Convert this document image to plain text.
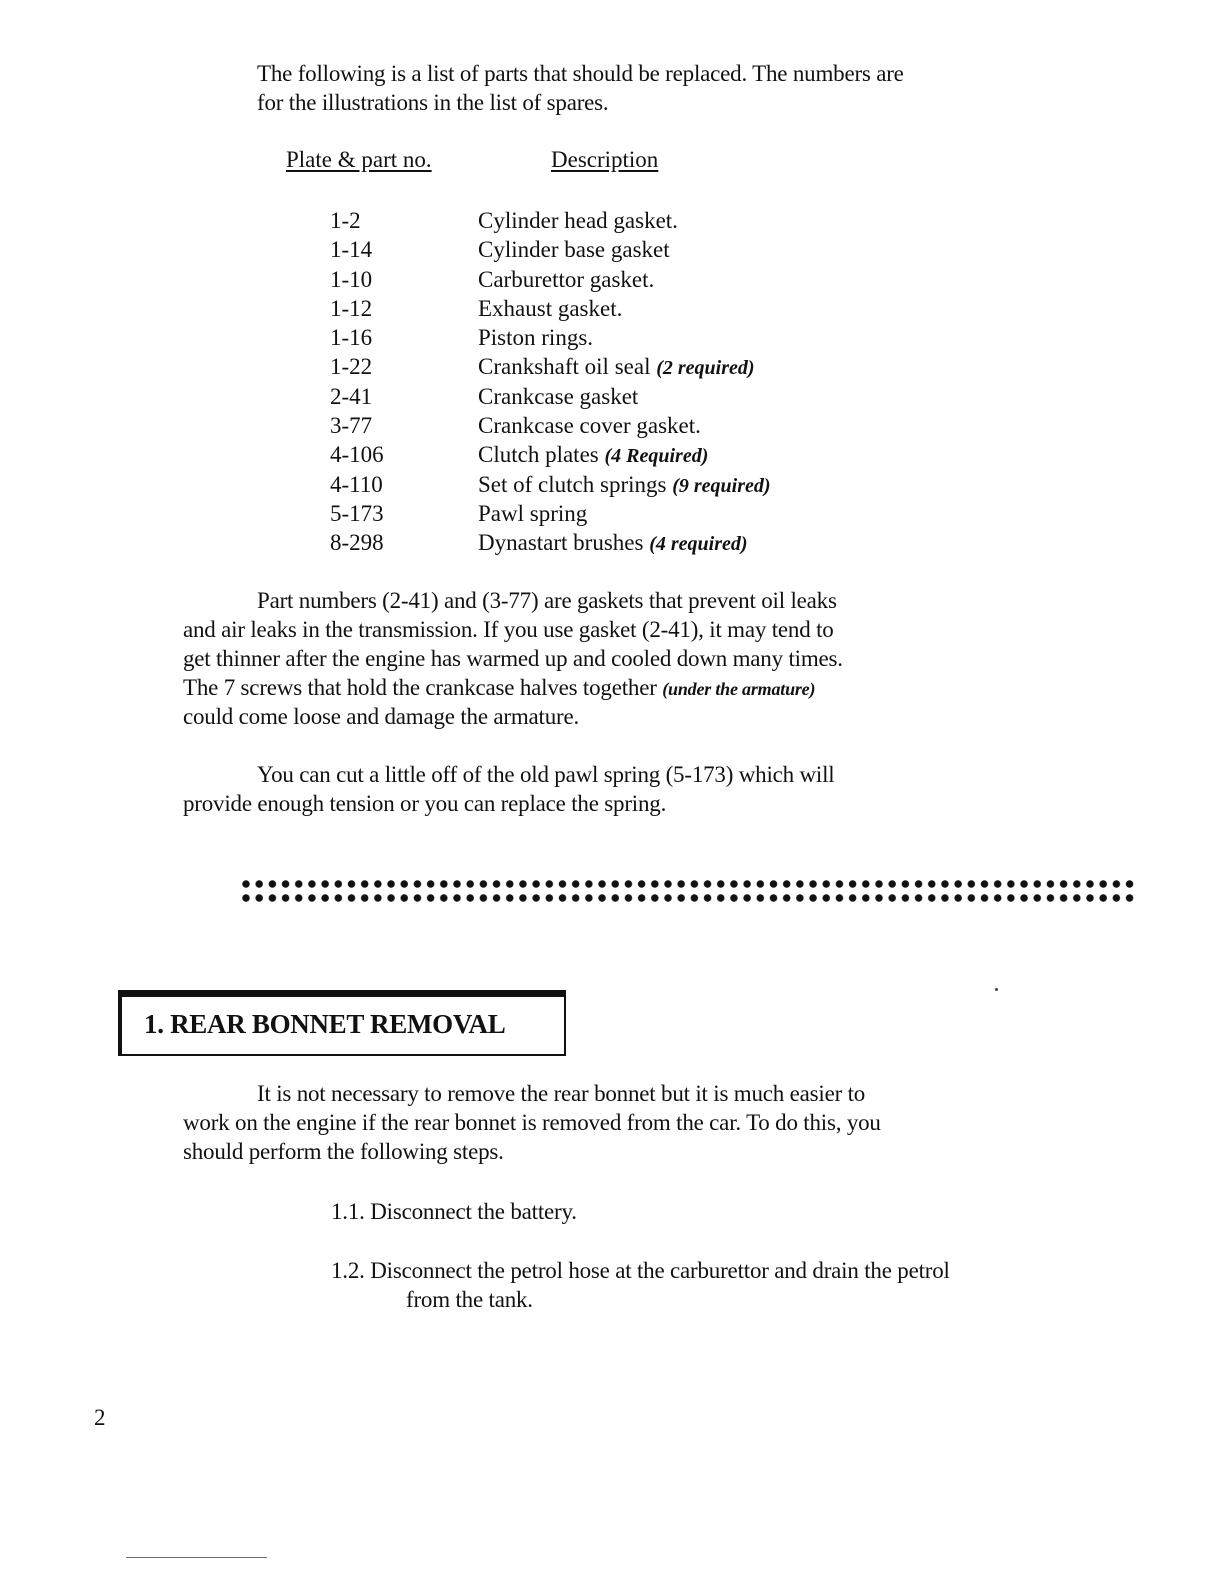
The following is a list of parts that should be replaced. The numbers are
for the illustrations in the list of spares.
Plate & part no.	Description
1-2	Cylinder head gasket.
1-14	Cylinder base gasket
1-10	Carburettor gasket.
1-12	Exhaust gasket.
1-16	Piston rings.
1-22	Crankshaft oil seal (2 required)
2-41	Crankcase gasket
3-77	Crankcase cover gasket.
4-106	Clutch plates (4 Required)
4-110	Set of clutch springs (9 required)
5-173	Pawl spring
8-298	Dynastart brushes (4 required)
Part numbers (2-41) and (3-77) are gaskets that prevent oil leaks
and air leaks in the transmission. If you use gasket (2-41), it may tend to
get thinner after the engine has warmed up and cooled down many times.
The 7 screws that hold the crankcase halves together (under the armature)
could come loose and damage the armature.
You can cut a little off of the old pawl spring (5-173) which will
provide enough tension or you can replace the spring.
1. REAR BONNET REMOVAL
It is not necessary to remove the rear bonnet but it is much easier to
work on the engine if the rear bonnet is removed from the car. To do this, you
should perform the following steps.
1.1. Disconnect the battery.
1.2. Disconnect the petrol hose at the carburettor and drain the petrol
from the tank.
2
